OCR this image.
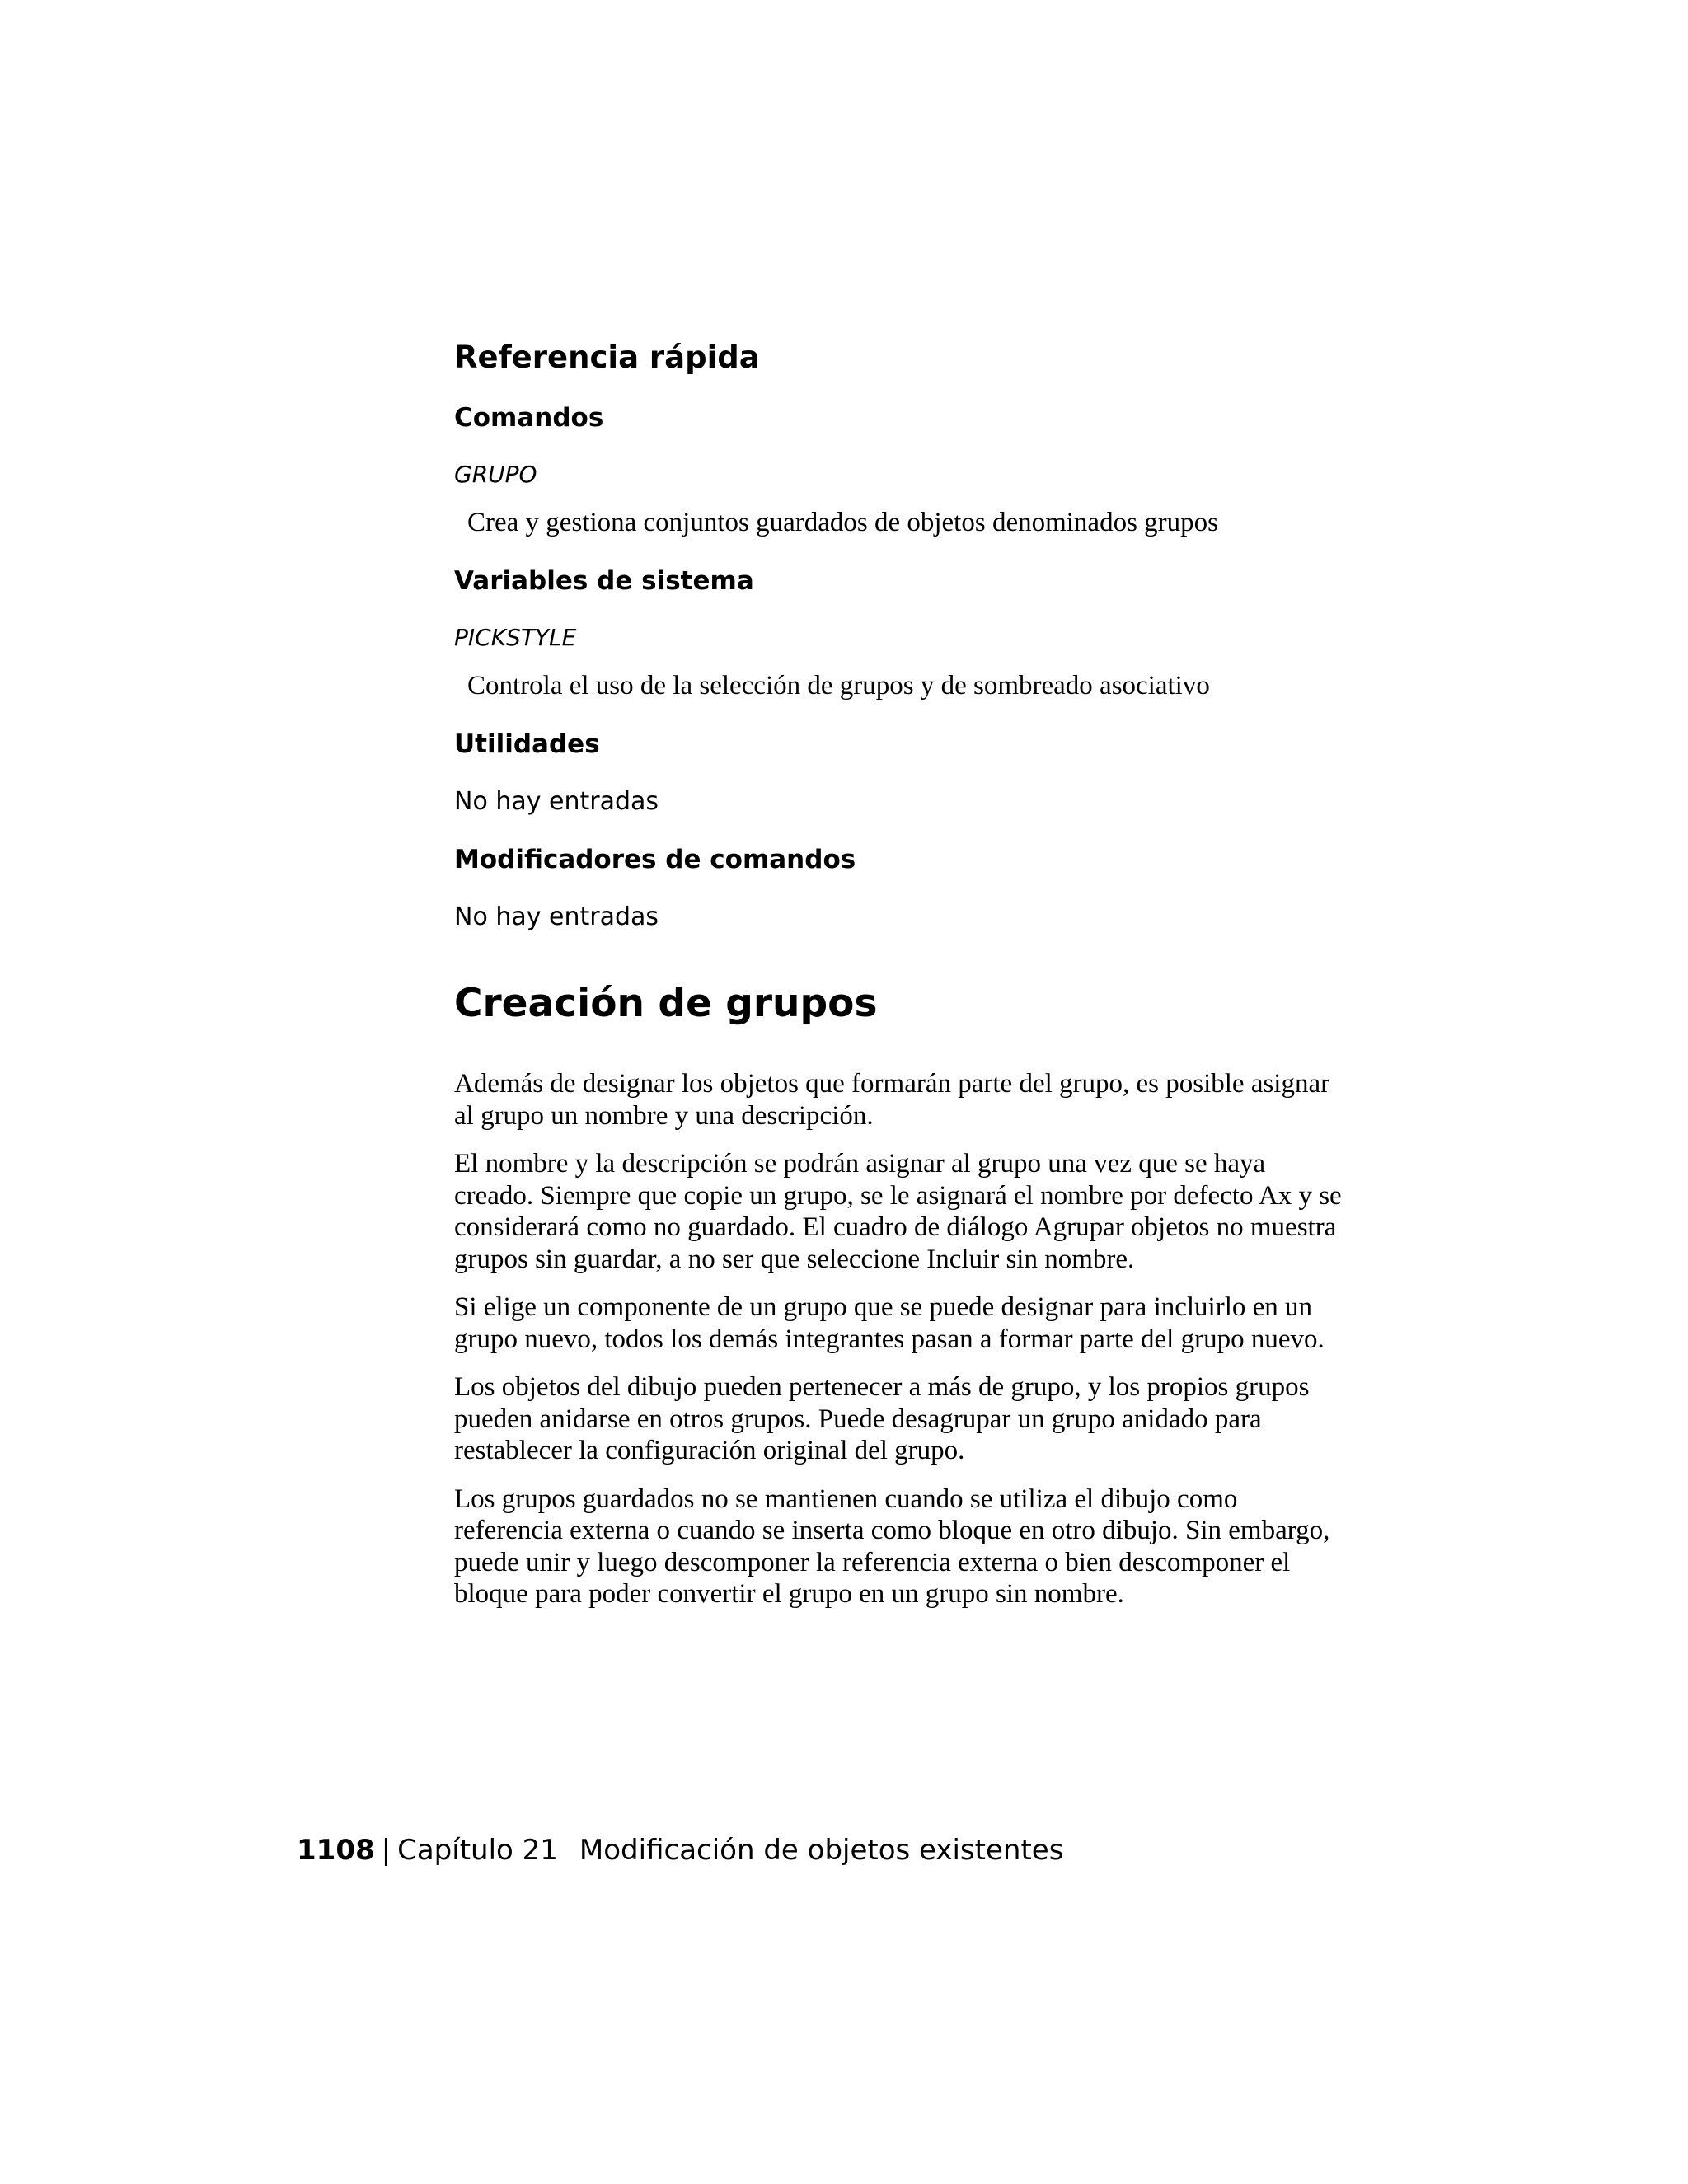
Referencia rápida
Comandos
GRUPO
Crea y gestiona conjuntos guardados de objetos denominados grupos
Variables de sistema
PICKSTYLE
Controla el uso de la selección de grupos y de sombreado asociativo
Utilidades
No hay entradas
Modificadores de comandos
No hay entradas
Creación de grupos

Además de designar los objetos que formarán parte del grupo, es posible asignar al grupo un nombre y una descripción.

El nombre y la descripción se podrán asignar al grupo una vez que se haya creado. Siempre que copie un grupo, se le asignará el nombre por defecto Ax y se considerará como no guardado. El cuadro de diálogo Agrupar objetos no muestra grupos sin guardar, a no ser que seleccione Incluir sin nombre.

Si elige un componente de un grupo que se puede designar para incluirlo en un grupo nuevo, todos los demás integrantes pasan a formar parte del grupo nuevo.

Los objetos del dibujo pueden pertenecer a más de grupo, y los propios grupos pueden anidarse en otros grupos. Puede desagrupar un grupo anidado para restablecer la configuración original del grupo.

Los grupos guardados no se mantienen cuando se utiliza el dibujo como referencia externa o cuando se inserta como bloque en otro dibujo. Sin embargo, puede unir y luego descomponer la referencia externa o bien descomponer el bloque para poder convertir el grupo en un grupo sin nombre.

1108 | Capítulo 21 Modificación de objetos existentes
